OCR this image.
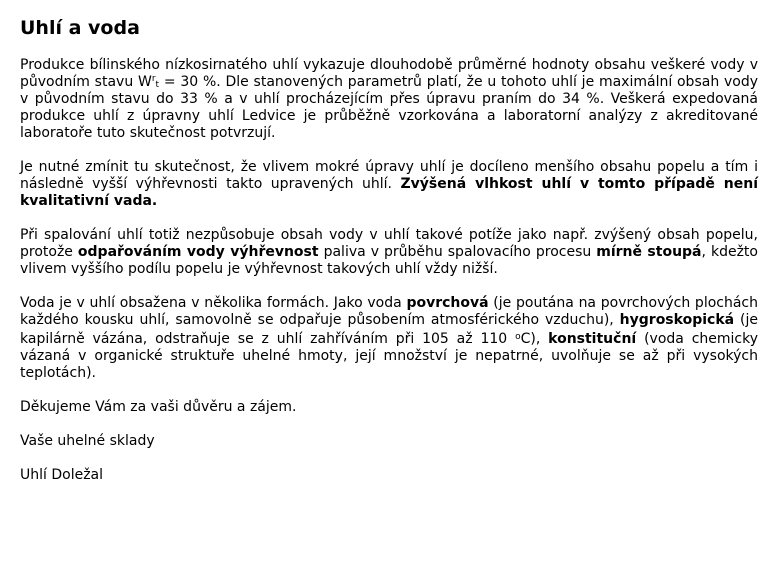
Uhlí a voda

Produkce bílinského nízkosirnatého uhlí vykazuje dlouhodobě průměrné hodnoty obsahu veškeré vody v původním stavu $W^r_t = 30$ %. Dle stanovených parametrů platí, že u tohoto uhlí je maximální obsah vody v původním stavu do 33 % a v uhlí procházejícím přes úpravu praním do 34 %. Veškerá expedovaná produkce uhlí z úpravny uhlí Ledvice je průběžně vzorkována a laboratorní analýzy z akreditované laboratoře tuto skutečnost potvrzují.

Je nutné zmínit tu skutečnost, že vlivem mokré úpravy uhlí je docíleno menšího obsahu popelu a tím i následně vyšší výhřevnosti takto upravených uhlí. Zvýšená vlhkost uhlí v tomto případě není kvalitativní vada.

Při spalování uhlí totiž nezpůsobuje obsah vody v uhlí takové potíže jako např. zvýšený obsah popelu, protože odpařováním vody výhřevnost paliva v průběhu spalovacího procesu mírně stoupá, kdežto vlivem vyššího podílu popelu je výhřevnost takových uhlí vždy nižší.

Voda je v uhlí obsažena v několika formách. Jako voda povrchová (je poutána na povrchových plochách každého kousku uhlí, samovolně se odpařuje působením atmosférického vzduchu), hygroskopická (je kapilárně vázána, odstraňuje se z uhlí zahříváním při 105 až 110 $^o$C), konstituční (voda chemicky vázaná v organické struktuře uhelné hmoty, její množství je nepatrné, uvolňuje se až při vysokých teplotách).

Děkujeme Vám za vaši důvěru a zájem.

Vaše uhelné sklady

Uhlí Doležal
